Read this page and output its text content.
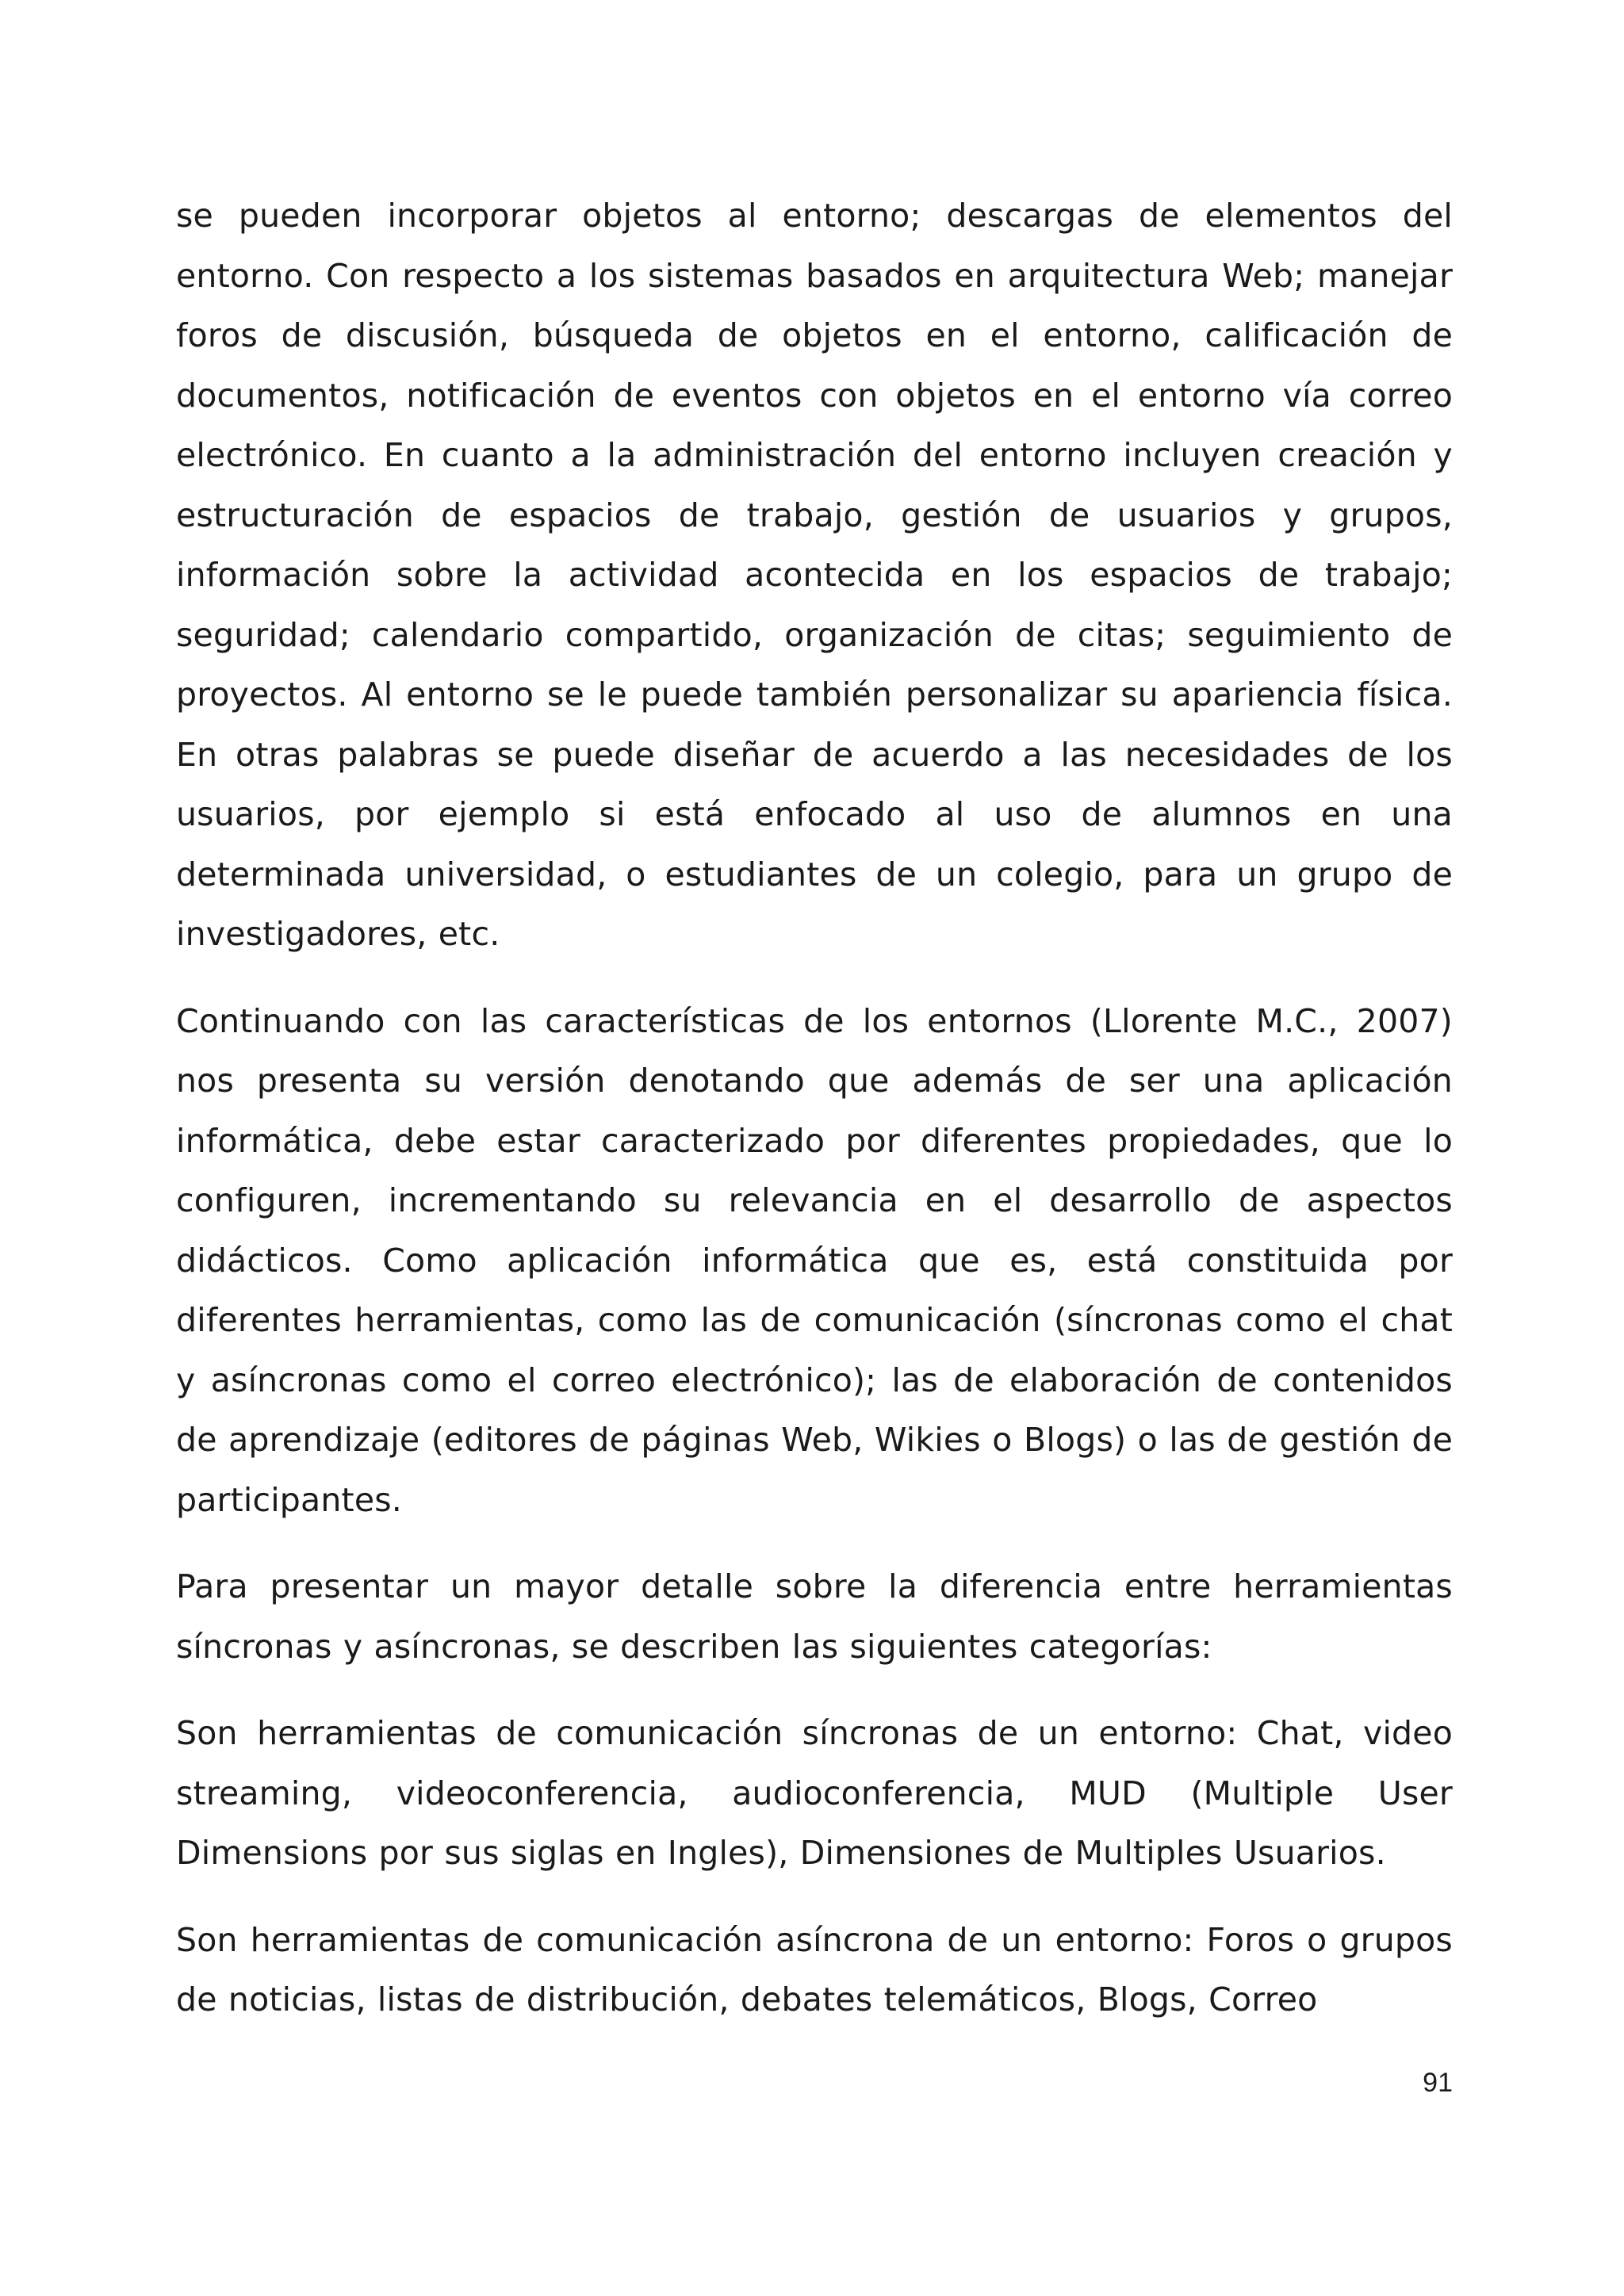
se pueden incorporar objetos al entorno; descargas de elementos del entorno. Con respecto a los sistemas basados en arquitectura Web; manejar foros de discusión, búsqueda de objetos en el entorno, calificación de documentos, notificación de eventos con objetos en el entorno vía correo electrónico. En cuanto a la administración del entorno incluyen creación y estructuración de espacios de trabajo, gestión de usuarios y grupos, información sobre la actividad acontecida en los espacios de trabajo; seguridad; calendario compartido, organización de citas; seguimiento de proyectos. Al entorno se le puede también personalizar su apariencia física. En otras palabras se puede diseñar de acuerdo a las necesidades de los usuarios, por ejemplo si está enfocado al uso de alumnos en una determinada universidad, o estudiantes de un colegio, para un grupo de investigadores, etc.

Continuando con las características de los entornos (Llorente M.C., 2007) nos presenta su versión denotando que además de ser una aplicación informática, debe estar caracterizado por diferentes propiedades, que lo configuren, incrementando su relevancia en el desarrollo de aspectos didácticos. Como aplicación informática que es, está constituida por diferentes herramientas, como las de comunicación (síncronas como el chat y asíncronas como el correo electrónico); las de elaboración de contenidos de aprendizaje (editores de páginas Web, Wikies o Blogs) o las de gestión de participantes.

Para presentar un mayor detalle sobre la diferencia entre herramientas síncronas y asíncronas, se describen las siguientes categorías:

Son herramientas de comunicación síncronas de un entorno: Chat, video streaming, videoconferencia, audioconferencia, MUD (Multiple User Dimensions por sus siglas en Ingles), Dimensiones de Multiples Usuarios.

Son herramientas de comunicación asíncrona de un entorno: Foros o grupos de noticias, listas de distribución, debates telemáticos, Blogs, Correo

91
